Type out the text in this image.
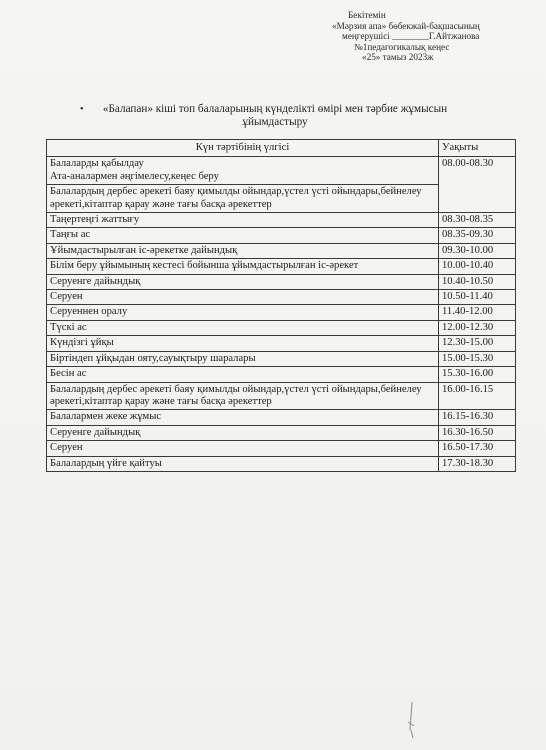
Бекітемін
«Мәрзия апа» бөбекжай-бақшасының
меңгерушісі ________Г.Айтжанова
№1педагогикалық кеңес
«25» тамыз 2023ж
• «Балапан» кіші топ балаларының күнделікті өмірі мен тәрбие жұмысын ұйымдастыру
Күн тәртібінің үлгісі	Уақыты

Балаларды қабылдау
Ата-аналармен әңгімелесу,кеңес беру	08.00-08.30
Балалардың дербес әрекеті баяу қимылды ойындар,үстел үсті ойындары,бейнелеу әрекеті,кітаптар қарау және тағы басқа әрекеттер	
Таңертеңгі жаттығу	08.30-08.35
Таңғы ас	08.35-09.30
Ұйымдастырылған іс-әрекетке дайындық	09.30-10.00
Білім беру ұйымының кестесі бойынша ұйымдастырылған іс-әрекет	10.00-10.40
Серуенге дайындық	10.40-10.50
Серуен	10.50-11.40
Серуеннен оралу	11.40-12.00
Түскі ас	12.00-12.30
Күндізгі ұйқы	12.30-15.00
Біртіндеп ұйқыдан ояту,сауықтыру шаралары	15.00-15.30
Бесін ас	15.30-16.00
Балалардың дербес әрекеті баяу қимылды ойындар,үстел үсті ойындары,бейнелеу әрекеті,кітаптар қарау және тағы басқа әрекеттер	16.00-16.15
Балалармен жеке жұмыс	16.15-16.30
Серуенге дайындық	16.30-16.50
Серуен	16.50-17.30
Балалардың үйге қайтуы	17.30-18.30
